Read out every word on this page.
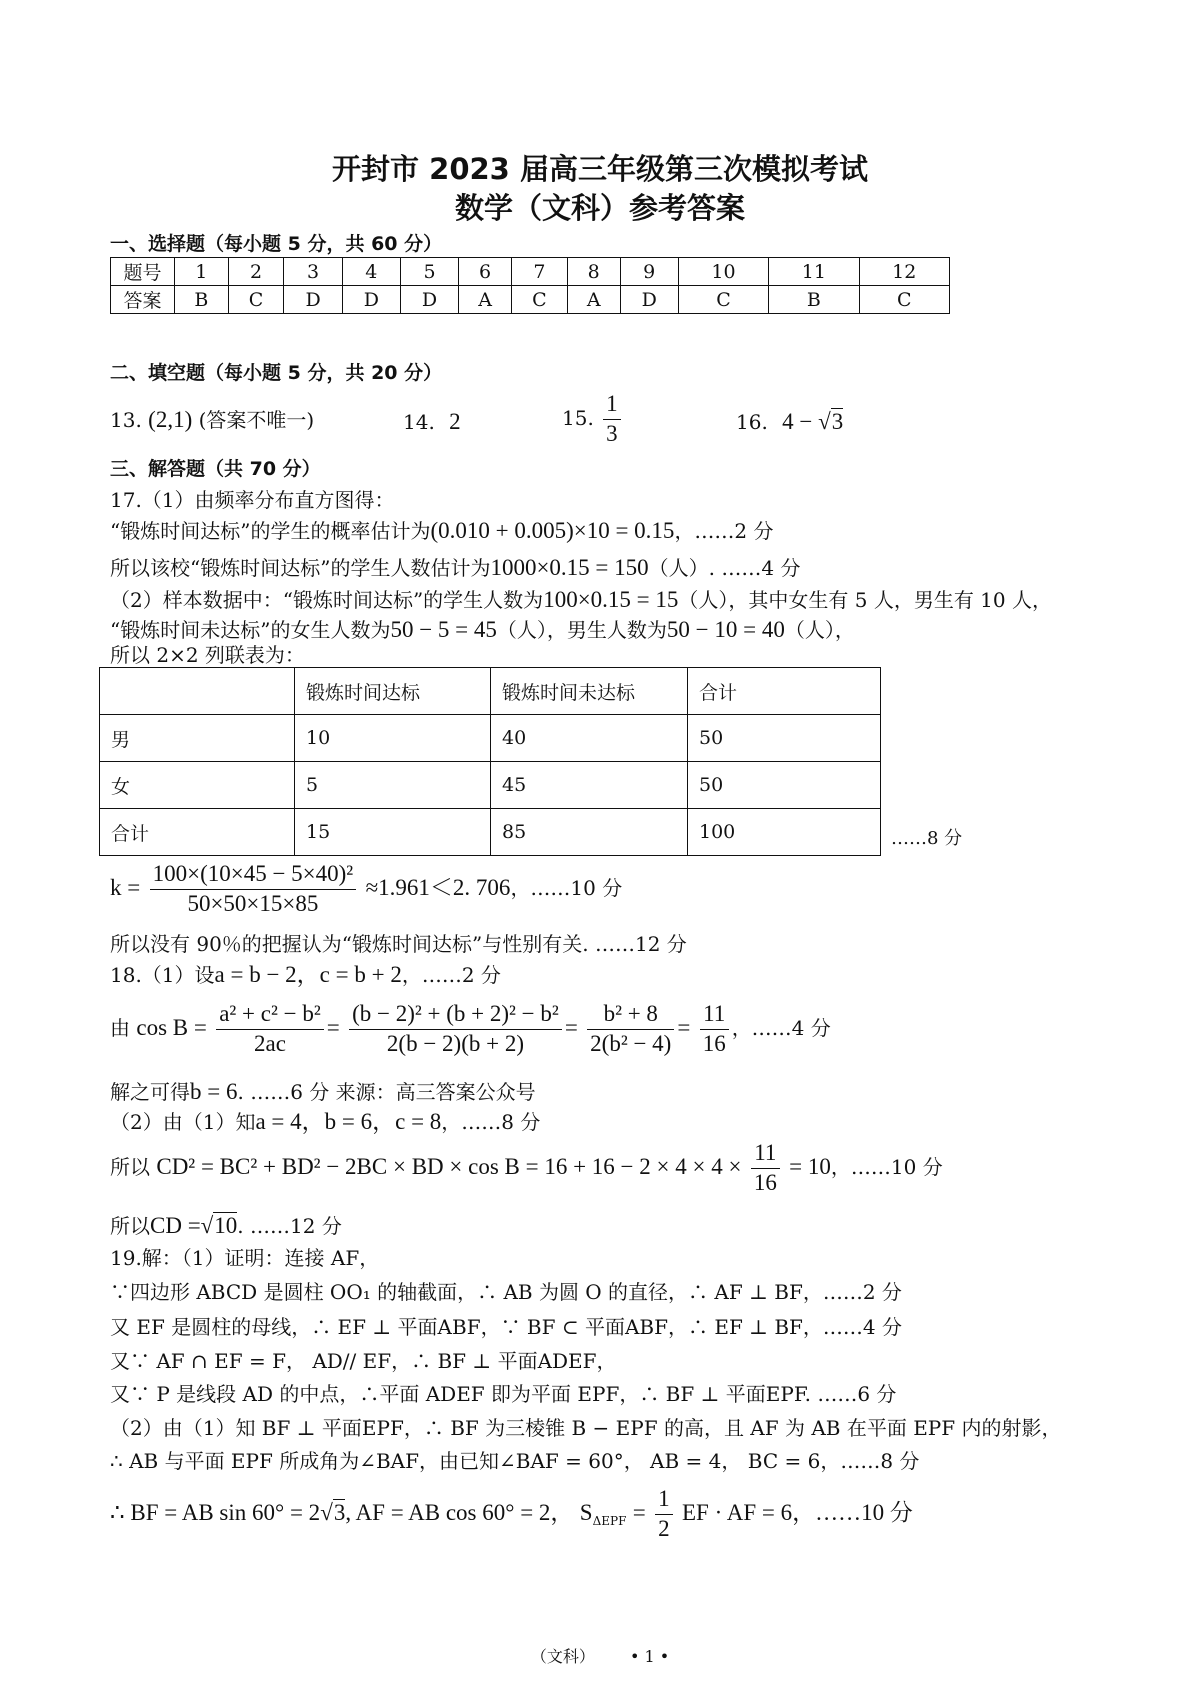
开封市 2023 届高三年级第三次模拟考试
数学（文科）参考答案
一、选择题（每小题 5 分，共 60 分）
题号	1	2	3	4	5	6	7	8	9	10	11	12
答案	B	C	D	D	D	A	C	A	D	C	B	C
二、填空题（每小题 5 分，共 20 分）
13. (2,1) (答案不唯一)	14. 2	15. $\frac{1}{3}$	16. 4 − √3
三、解答题（共 70 分）
17.（1）由频率分布直方图得：
“锻炼时间达标”的学生的概率估计为(0.010 + 0.005)×10 = 0.15，……2 分
所以该校“锻炼时间达标”的学生人数估计为1000×0.15 = 150（人）. ……4 分
（2）样本数据中：“锻炼时间达标”的学生人数为100×0.15 = 15（人），其中女生有 5 人，男生有 10 人，
“锻炼时间未达标”的女生人数为50 − 5 = 45（人），男生人数为50 − 10 = 40（人），
所以 2×2 列联表为：
	锻炼时间达标	锻炼时间未达标	合计
男	10	40	50
女	5	45	50
合计	15	85	100	……8 分
$k = \frac{\text{100×(10×45 − 5×40)²}}{50\times 50\times 15\times 85} \approx 1.961<2$. 706，……10 分
所以没有 90％的把握认为“锻炼时间达标”与性别有关. ……12 分
18.（1）设a = b − 2，c = b + 2，……2 分
由 $\cos B = \frac{\text{a² + c² − b²}}{2ac} = \frac{\text{(b − 2)² + (b + 2)² − b²}}{2(b - 2)(b + 2)} = \frac{\text{b² + 8}}{\text{2(b² − 4)}} = \frac{11}{16}$ ，……4 分
解之可得b = 6. ……6 分 来源：高三答案公众号
（2）由（1）知a = 4，b = 6，c = 8，……8 分
所以 CD² = BC² + BD² − 2BC × BD × $\cos B = 16 + 16 - 2 \times 4 \times 4 \times \frac{11}{16} = 10$，……10 分
所以CD =√10. ……12 分
19.解：（1）证明：连接 AF，
∵四边形 ABCD 是圆柱 OO₁ 的轴截面，∴ AB 为圆 O 的直径，∴ AF ⊥ BF，……2 分
又 EF 是圆柱的母线，∴ EF ⊥ 平面ABF，∵ BF ⊂ 平面ABF，∴ EF ⊥ BF，……4 分
又∵ AF ∩ EF = F， AD// EF，∴ BF ⊥ 平面ADEF，
又∵ P 是线段 AD 的中点，∴平面 ADEF 即为平面 EPF，∴ BF ⊥ 平面EPF. ……6 分
（2）由（1）知 BF ⊥ 平面EPF，∴ BF 为三棱锥 B − EPF 的高，且 AF 为 AB 在平面 EPF 内的射影，
∴ AB 与平面 EPF 所成角为∠BAF，由已知∠BAF = 60°， AB = 4， BC = 6，……8 分
∴ BF = AB sin 60° = 2√3, AF = AB cos 60° = 2， $S_{\Delta EPF} = \frac{1}{2}$ EF · AF = 6，……10 分
（文科） • 1 •
